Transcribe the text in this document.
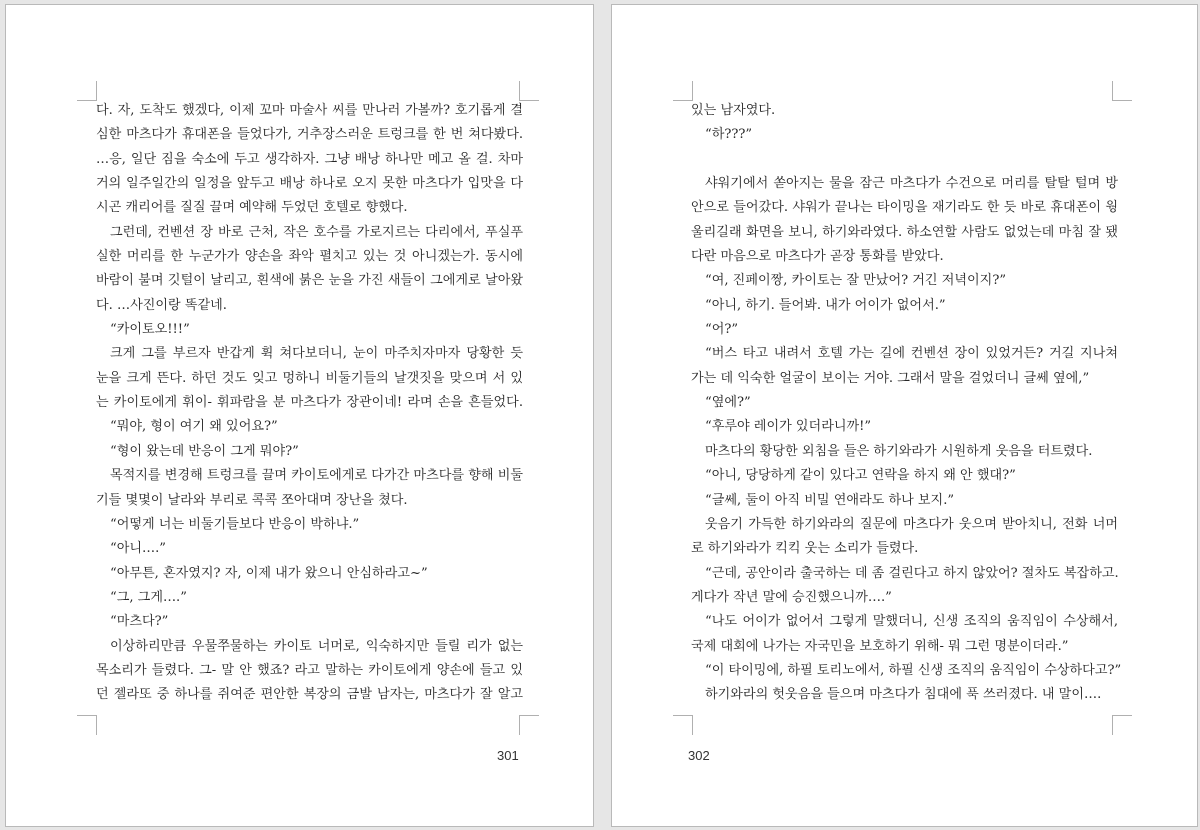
다. 자, 도착도 했겠다, 이제 꼬마 마술사 씨를 만나러 가볼까? 호기롭게 결
심한 마츠다가 휴대폰을 들었다가, 거추장스러운 트렁크를 한 번 쳐다봤다.
…응, 일단 짐을 숙소에 두고 생각하자. 그냥 배낭 하나만 메고 올 걸. 차마
거의 일주일간의 일정을 앞두고 배낭 하나로 오지 못한 마츠다가 입맛을 다
시곤 캐리어를 질질 끌며 예약해 두었던 호텔로 향했다.
그런데, 컨벤션 장 바로 근처, 작은 호수를 가로지르는 다리에서, 푸실푸
실한 머리를 한 누군가가 양손을 좌악 펼치고 있는 것 아니겠는가. 동시에
바람이 불며 깃털이 날리고, 흰색에 붉은 눈을 가진 새들이 그에게로 날아왔
다. …사진이랑 똑같네.
“카이토오!!!”
크게 그를 부르자 반갑게 휙 쳐다보더니, 눈이 마주치자마자 당황한 듯
눈을 크게 뜬다. 하던 것도 잊고 멍하니 비둘기들의 날갯짓을 맞으며 서 있
는 카이토에게 휘이- 휘파람을 분 마츠다가 장관이네! 라며 손을 흔들었다.
“뭐야, 형이 여기 왜 있어요?”
“형이 왔는데 반응이 그게 뭐야?”
목적지를 변경해 트렁크를 끌며 카이토에게로 다가간 마츠다를 향해 비둘
기들 몇몇이 날라와 부리로 콕콕 쪼아대며 장난을 쳤다.
“어떻게 너는 비둘기들보다 반응이 박하냐.”
“아니….”
“아무튼, 혼자였지? 자, 이제 내가 왔으니 안심하라고~”
“그, 그게….”
“마츠다?”
이상하리만큼 우물쭈물하는 카이토 너머로, 익숙하지만 들릴 리가 없는
목소리가 들렸다. 그- 말 안 했죠? 라고 말하는 카이토에게 양손에 들고 있
던 젤라또 중 하나를 쥐여준 편안한 복장의 금발 남자는, 마츠다가 잘 알고
301
있는 남자였다.
“하???”
샤워기에서 쏟아지는 물을 잠근 마츠다가 수건으로 머리를 탈탈 털며 방
안으로 들어갔다. 샤워가 끝나는 타이밍을 재기라도 한 듯 바로 휴대폰이 웡
울리길래 화면을 보니, 하기와라였다. 하소연할 사람도 없었는데 마침 잘 됐
다란 마음으로 마츠다가 곧장 통화를 받았다.
“여, 진페이짱, 카이토는 잘 만났어? 거긴 저녁이지?”
“아니, 하기. 들어봐. 내가 어이가 없어서.”
“어?”
“버스 타고 내려서 호텔 가는 길에 컨벤션 장이 있었거든? 거길 지나쳐
가는 데 익숙한 얼굴이 보이는 거야. 그래서 말을 걸었더니 글쎄 옆에,”
“옆에?”
“후루야 레이가 있더라니까!”
마츠다의 황당한 외침을 들은 하기와라가 시원하게 웃음을 터트렸다.
“아니, 당당하게 같이 있다고 연락을 하지 왜 안 했대?”
“글쎄, 둘이 아직 비밀 연애라도 하나 보지.”
웃음기 가득한 하기와라의 질문에 마츠다가 웃으며 받아치니, 전화 너머
로 하기와라가 킥킥 웃는 소리가 들렸다.
“근데, 공안이라 출국하는 데 좀 걸린다고 하지 않았어? 절차도 복잡하고.
게다가 작년 말에 승진했으니까….”
“나도 어이가 없어서 그렇게 말했더니, 신생 조직의 움직임이 수상해서,
국제 대회에 나가는 자국민을 보호하기 위해- 뭐 그런 명분이더라.”
“이 타이밍에, 하필 토리노에서, 하필 신생 조직의 움직임이 수상하다고?”
하기와라의 헛웃음을 들으며 마츠다가 침대에 푹 쓰러졌다. 내 말이….
302
